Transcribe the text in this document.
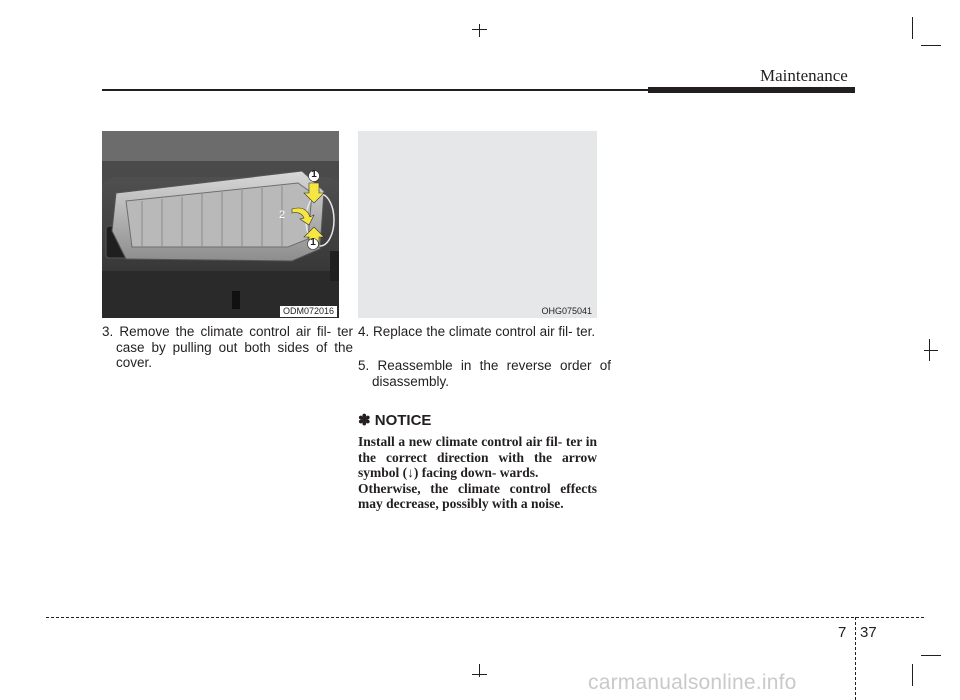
Maintenance
1
2
1
ODM072016	OHG075041
3. Remove the climate control air fil- ter case by pulling out both sides of the cover.
4. Replace the climate control air fil- ter.
5. Reassemble in the reverse order of disassembly.
✽ NOTICE
Install a new climate control air fil- ter in the correct direction with the arrow symbol (↓) facing down- wards.
Otherwise, the climate control effects may decrease, possibly with a noise.
7 37
carmanualsonline.info
